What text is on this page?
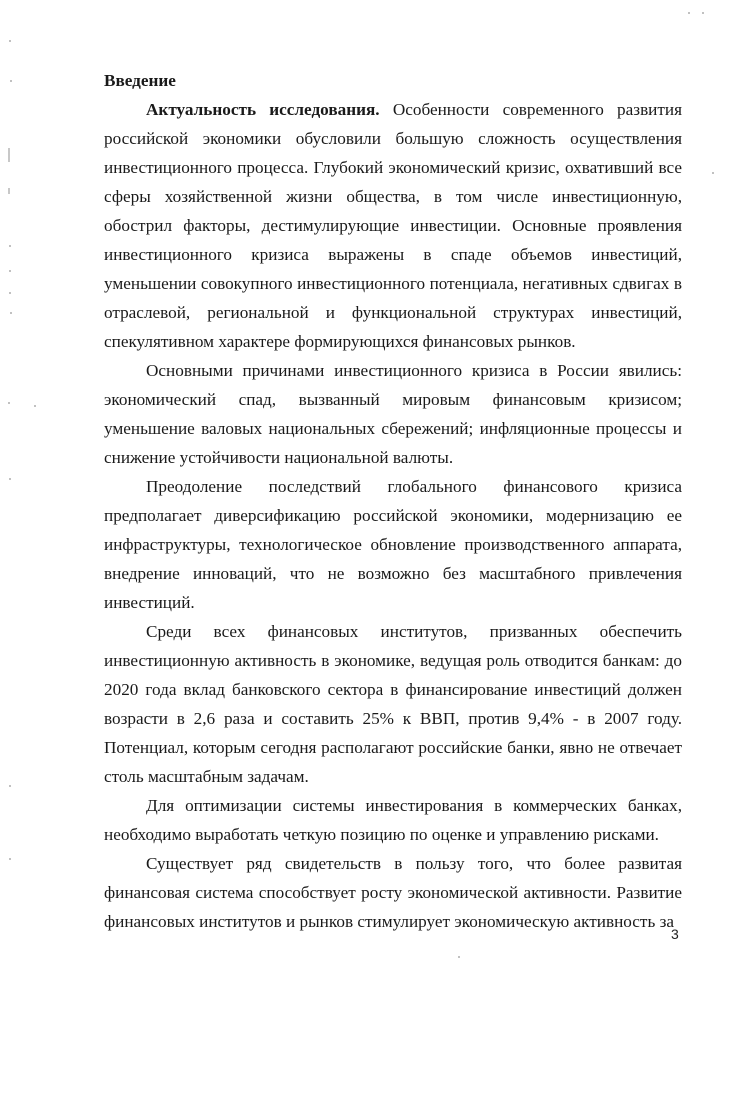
Введение

Актуальность исследования. Особенности современного развития российской экономики обусловили большую сложность осуществления инвестиционного процесса. Глубокий экономический кризис, охвативший все сферы хозяйственной жизни общества, в том числе инвестиционную, обострил факторы, дестимулирующие инвестиции. Основные проявления инвестиционного кризиса выражены в спаде объемов инвестиций, уменьшении совокупного инвестиционного потенциала, негативных сдвигах в отраслевой, региональной и функциональной структурах инвестиций, спекулятивном характере формирующихся финансовых рынков.

Основными причинами инвестиционного кризиса в России явились: экономический спад, вызванный мировым финансовым кризисом; уменьшение валовых национальных сбережений; инфляционные процессы и снижение устойчивости национальной валюты.

Преодоление последствий глобального финансового кризиса предполагает диверсификацию российской экономики, модернизацию ее инфраструктуры, технологическое обновление производственного аппарата, внедрение инноваций, что не возможно без масштабного привлечения инвестиций.

Среди всех финансовых институтов, призванных обеспечить инвестиционную активность в экономике, ведущая роль отводится банкам: до 2020 года вклад банковского сектора в финансирование инвестиций должен возрасти в 2,6 раза и составить 25% к ВВП, против 9,4% - в 2007 году. Потенциал, которым сегодня располагают российские банки, явно не отвечает столь масштабным задачам.

Для оптимизации системы инвестирования в коммерческих банках, необходимо выработать четкую позицию по оценке и управлению рисками.

Существует ряд свидетельств в пользу того, что более развитая финансовая система способствует росту экономической активности. Развитие финансовых институтов и рынков стимулирует экономическую активность за

3
